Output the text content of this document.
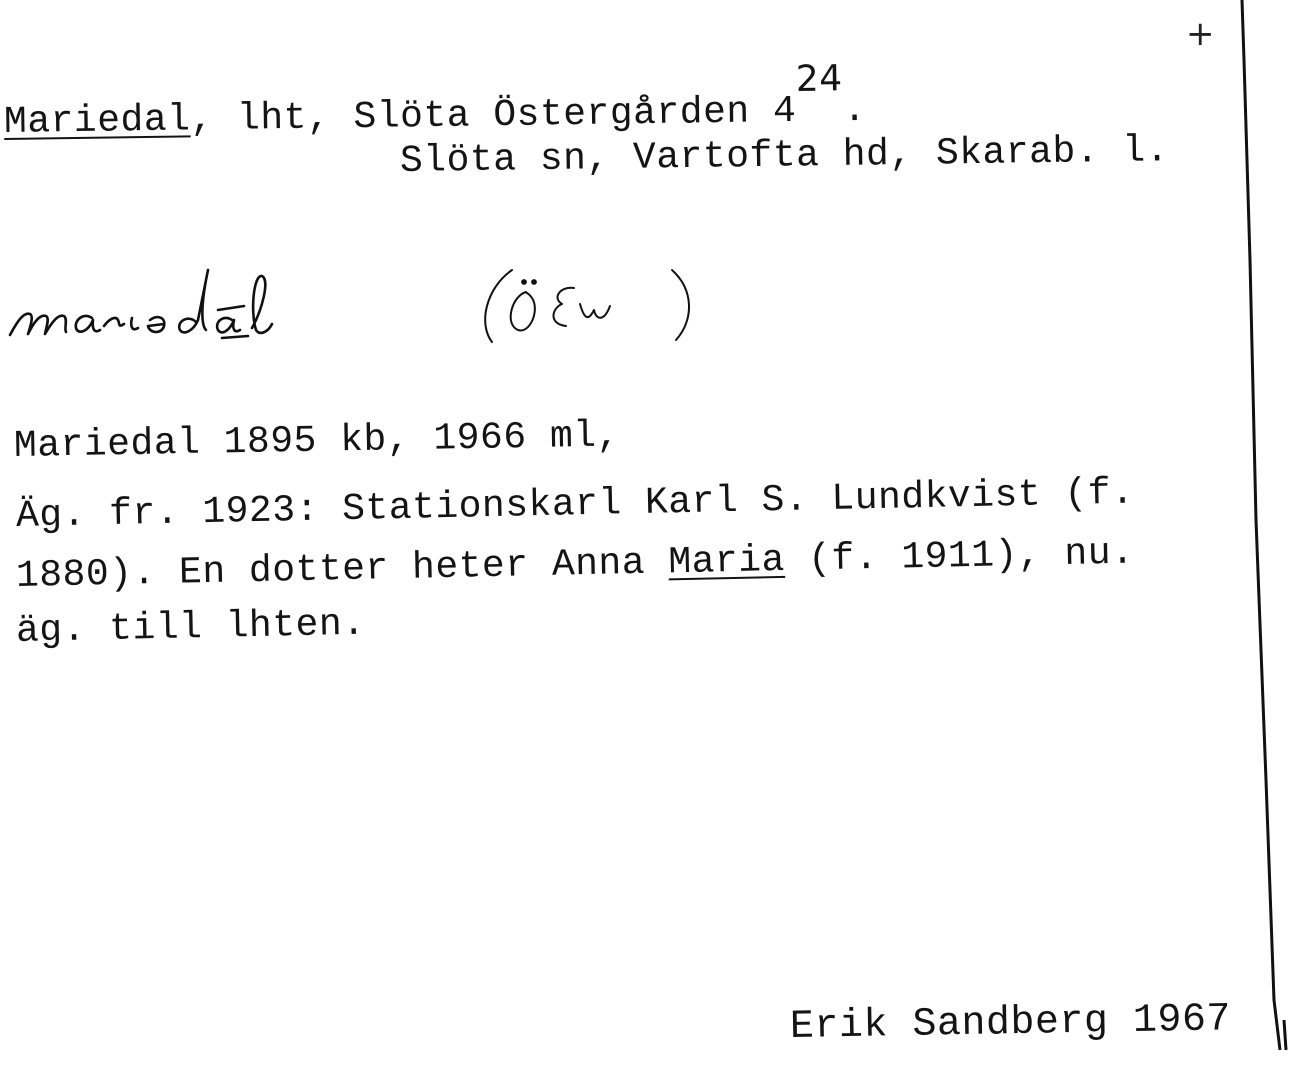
+
Mariedal, lht, Slöta Östergården 424.
Slöta sn, Vartofta hd, Skarab. l.
Mariedal 1895 kb, 1966 ml,
Äg. fr. 1923: Stationskarl Karl S. Lundkvist (f.
1880). En dotter heter Anna Maria (f. 1911), nu.
äg. till lhten.
Erik Sandberg 1967
